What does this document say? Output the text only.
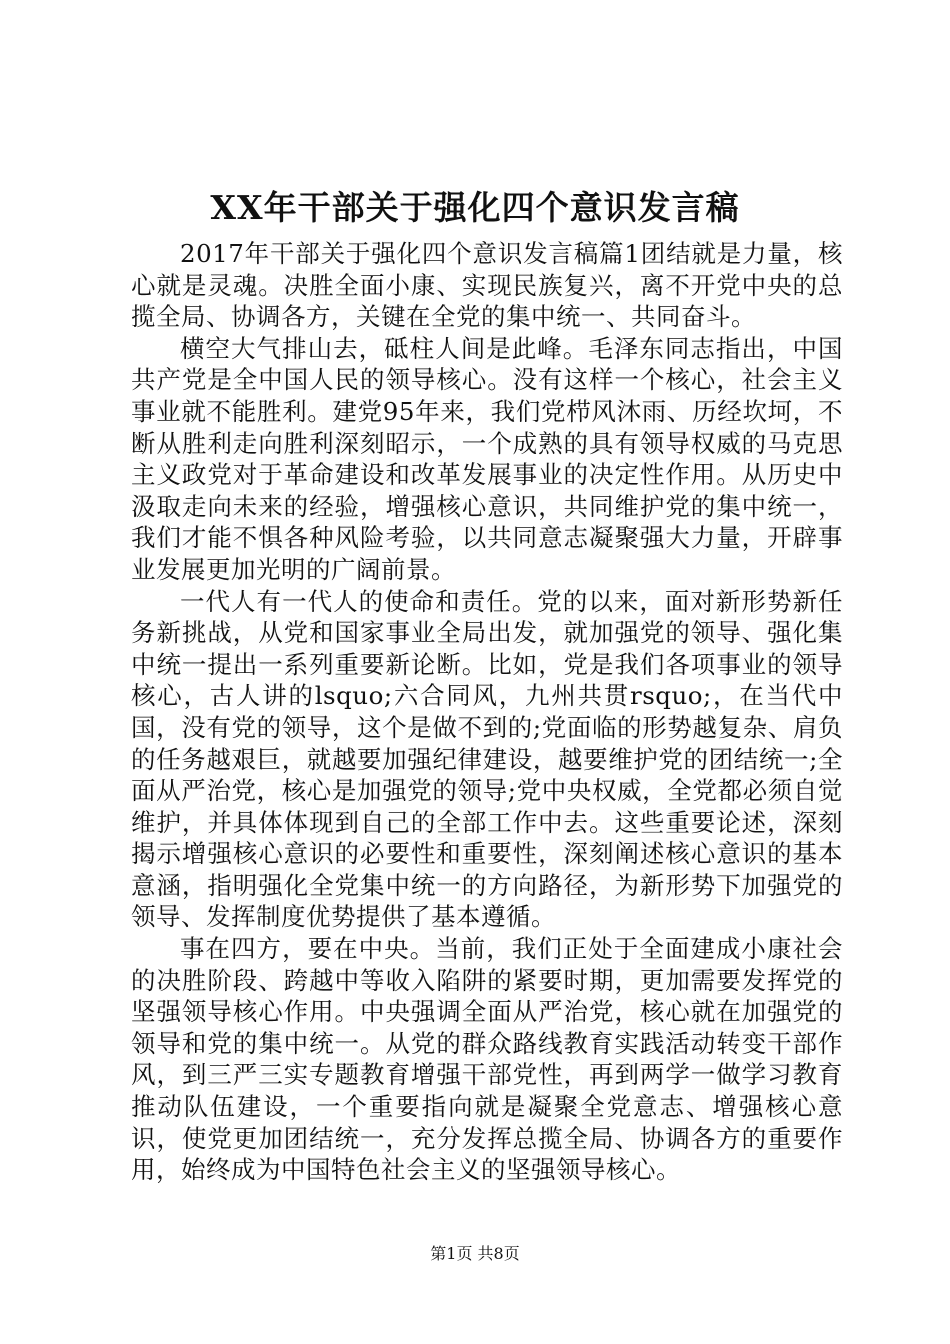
XX年干部关于强化四个意识发言稿

2017年干部关于强化四个意识发言稿篇1团结就是力量，核心就是灵魂。决胜全面小康、实现民族复兴，离不开党中央的总揽全局、协调各方，关键在全党的集中统一、共同奋斗。

横空大气排山去，砥柱人间是此峰。毛泽东同志指出，中国共产党是全中国人民的领导核心。没有这样一个核心，社会主义事业就不能胜利。建党95年来，我们党栉风沐雨、历经坎坷，不断从胜利走向胜利深刻昭示，一个成熟的具有领导权威的马克思主义政党对于革命建设和改革发展事业的决定性作用。从历史中汲取走向未来的经验，增强核心意识，共同维护党的集中统一，我们才能不惧各种风险考验，以共同意志凝聚强大力量，开辟事业发展更加光明的广阔前景。

一代人有一代人的使命和责任。党的以来，面对新形势新任务新挑战，从党和国家事业全局出发，就加强党的领导、强化集中统一提出一系列重要新论断。比如，党是我们各项事业的领导核心，古人讲的lsquo;六合同风，九州共贯rsquo;，在当代中国，没有党的领导，这个是做不到的;党面临的形势越复杂、肩负的任务越艰巨，就越要加强纪律建设，越要维护党的团结统一;全面从严治党，核心是加强党的领导;党中央权威，全党都必须自觉维护，并具体体现到自己的全部工作中去。这些重要论述，深刻揭示增强核心意识的必要性和重要性，深刻阐述核心意识的基本意涵，指明强化全党集中统一的方向路径，为新形势下加强党的领导、发挥制度优势提供了基本遵循。

事在四方，要在中央。当前，我们正处于全面建成小康社会的决胜阶段、跨越中等收入陷阱的紧要时期，更加需要发挥党的坚强领导核心作用。中央强调全面从严治党，核心就在加强党的领导和党的集中统一。从党的群众路线教育实践活动转变干部作风，到三严三实专题教育增强干部党性，再到两学一做学习教育推动队伍建设，一个重要指向就是凝聚全党意志、增强核心意识，使党更加团结统一，充分发挥总揽全局、协调各方的重要作用，始终成为中国特色社会主义的坚强领导核心。

第1页 共8页
